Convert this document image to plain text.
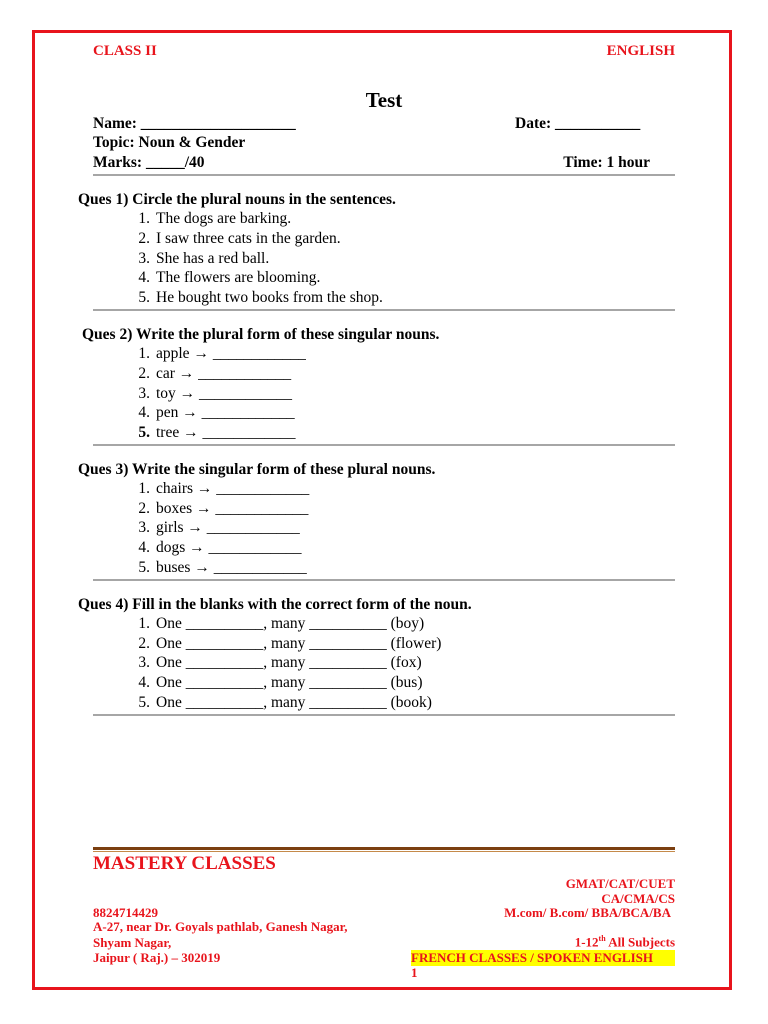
CLASS II	ENGLISH
Test
Name: ____________________	Date: ___________
Topic: Noun & Gender
Marks: _____/40	Time: 1 hour
Ques 1) Circle the plural nouns in the sentences.
1. The dogs are barking.
2. I saw three cats in the garden.
3. She has a red ball.
4. The flowers are blooming.
5. He bought two books from the shop.
Ques 2) Write the plural form of these singular nouns.
1. apple → ____________
2. car → ____________
3. toy → ____________
4. pen → ____________
5. tree → ____________
Ques 3) Write the singular form of these plural nouns.
1. chairs → ____________
2. boxes → ____________
3. girls → ____________
4. dogs → ____________
5. buses → ____________
Ques 4) Fill in the blanks with the correct form of the noun.
1. One __________, many __________ (boy)
2. One __________, many __________ (flower)
3. One __________, many __________ (fox)
4. One __________, many __________ (bus)
5. One __________, many __________ (book)
MASTERY CLASSES
GMAT/CAT/CUET
CA/CMA/CS
8824714429	M.com/ B.com/ BBA/BCA/BA
A-27, near Dr. Goyals pathlab, Ganesh Nagar,
Shyam Nagar,	1-12th All Subjects
Jaipur ( Raj.) – 302019	FRENCH CLASSES / SPOKEN ENGLISH
1
